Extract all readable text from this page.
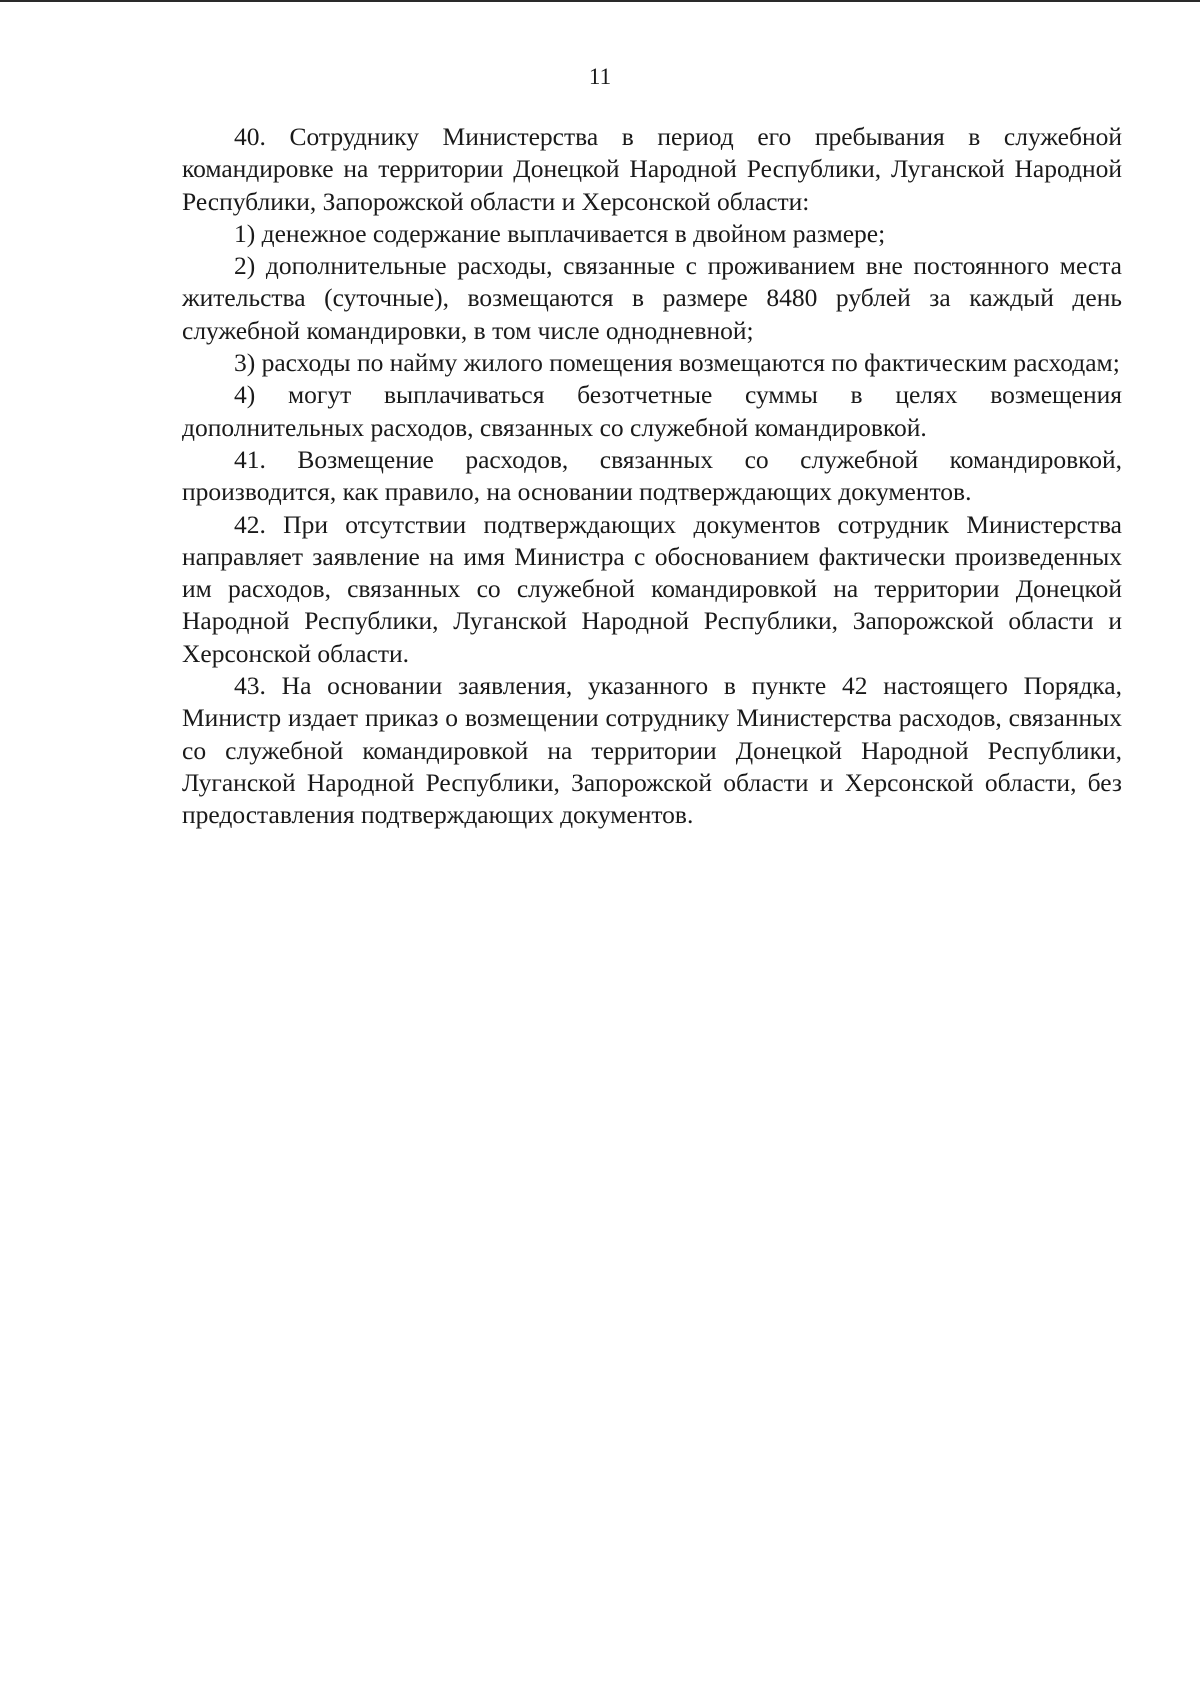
11

40. Сотруднику Министерства в период его пребывания в служебной командировке на территории Донецкой Народной Республики, Луганской Народной Республики, Запорожской области и Херсонской области:

1) денежное содержание выплачивается в двойном размере;

2) дополнительные расходы, связанные с проживанием вне постоянного места жительства (суточные), возмещаются в размере 8480 рублей за каждый день служебной командировки, в том числе однодневной;

3) расходы по найму жилого помещения возмещаются по фактическим расходам;

4) могут выплачиваться безотчетные суммы в целях возмещения дополнительных расходов, связанных со служебной командировкой.

41. Возмещение расходов, связанных со служебной командировкой, производится, как правило, на основании подтверждающих документов.

42. При отсутствии подтверждающих документов сотрудник Министерства направляет заявление на имя Министра с обоснованием фактически произведенных им расходов, связанных со служебной командировкой на территории Донецкой Народной Республики, Луганской Народной Республики, Запорожской области и Херсонской области.

43. На основании заявления, указанного в пункте 42 настоящего Порядка, Министр издает приказ о возмещении сотруднику Министерства расходов, связанных со служебной командировкой на территории Донецкой Народной Республики, Луганской Народной Республики, Запорожской области и Херсонской области, без предоставления подтверждающих документов.
